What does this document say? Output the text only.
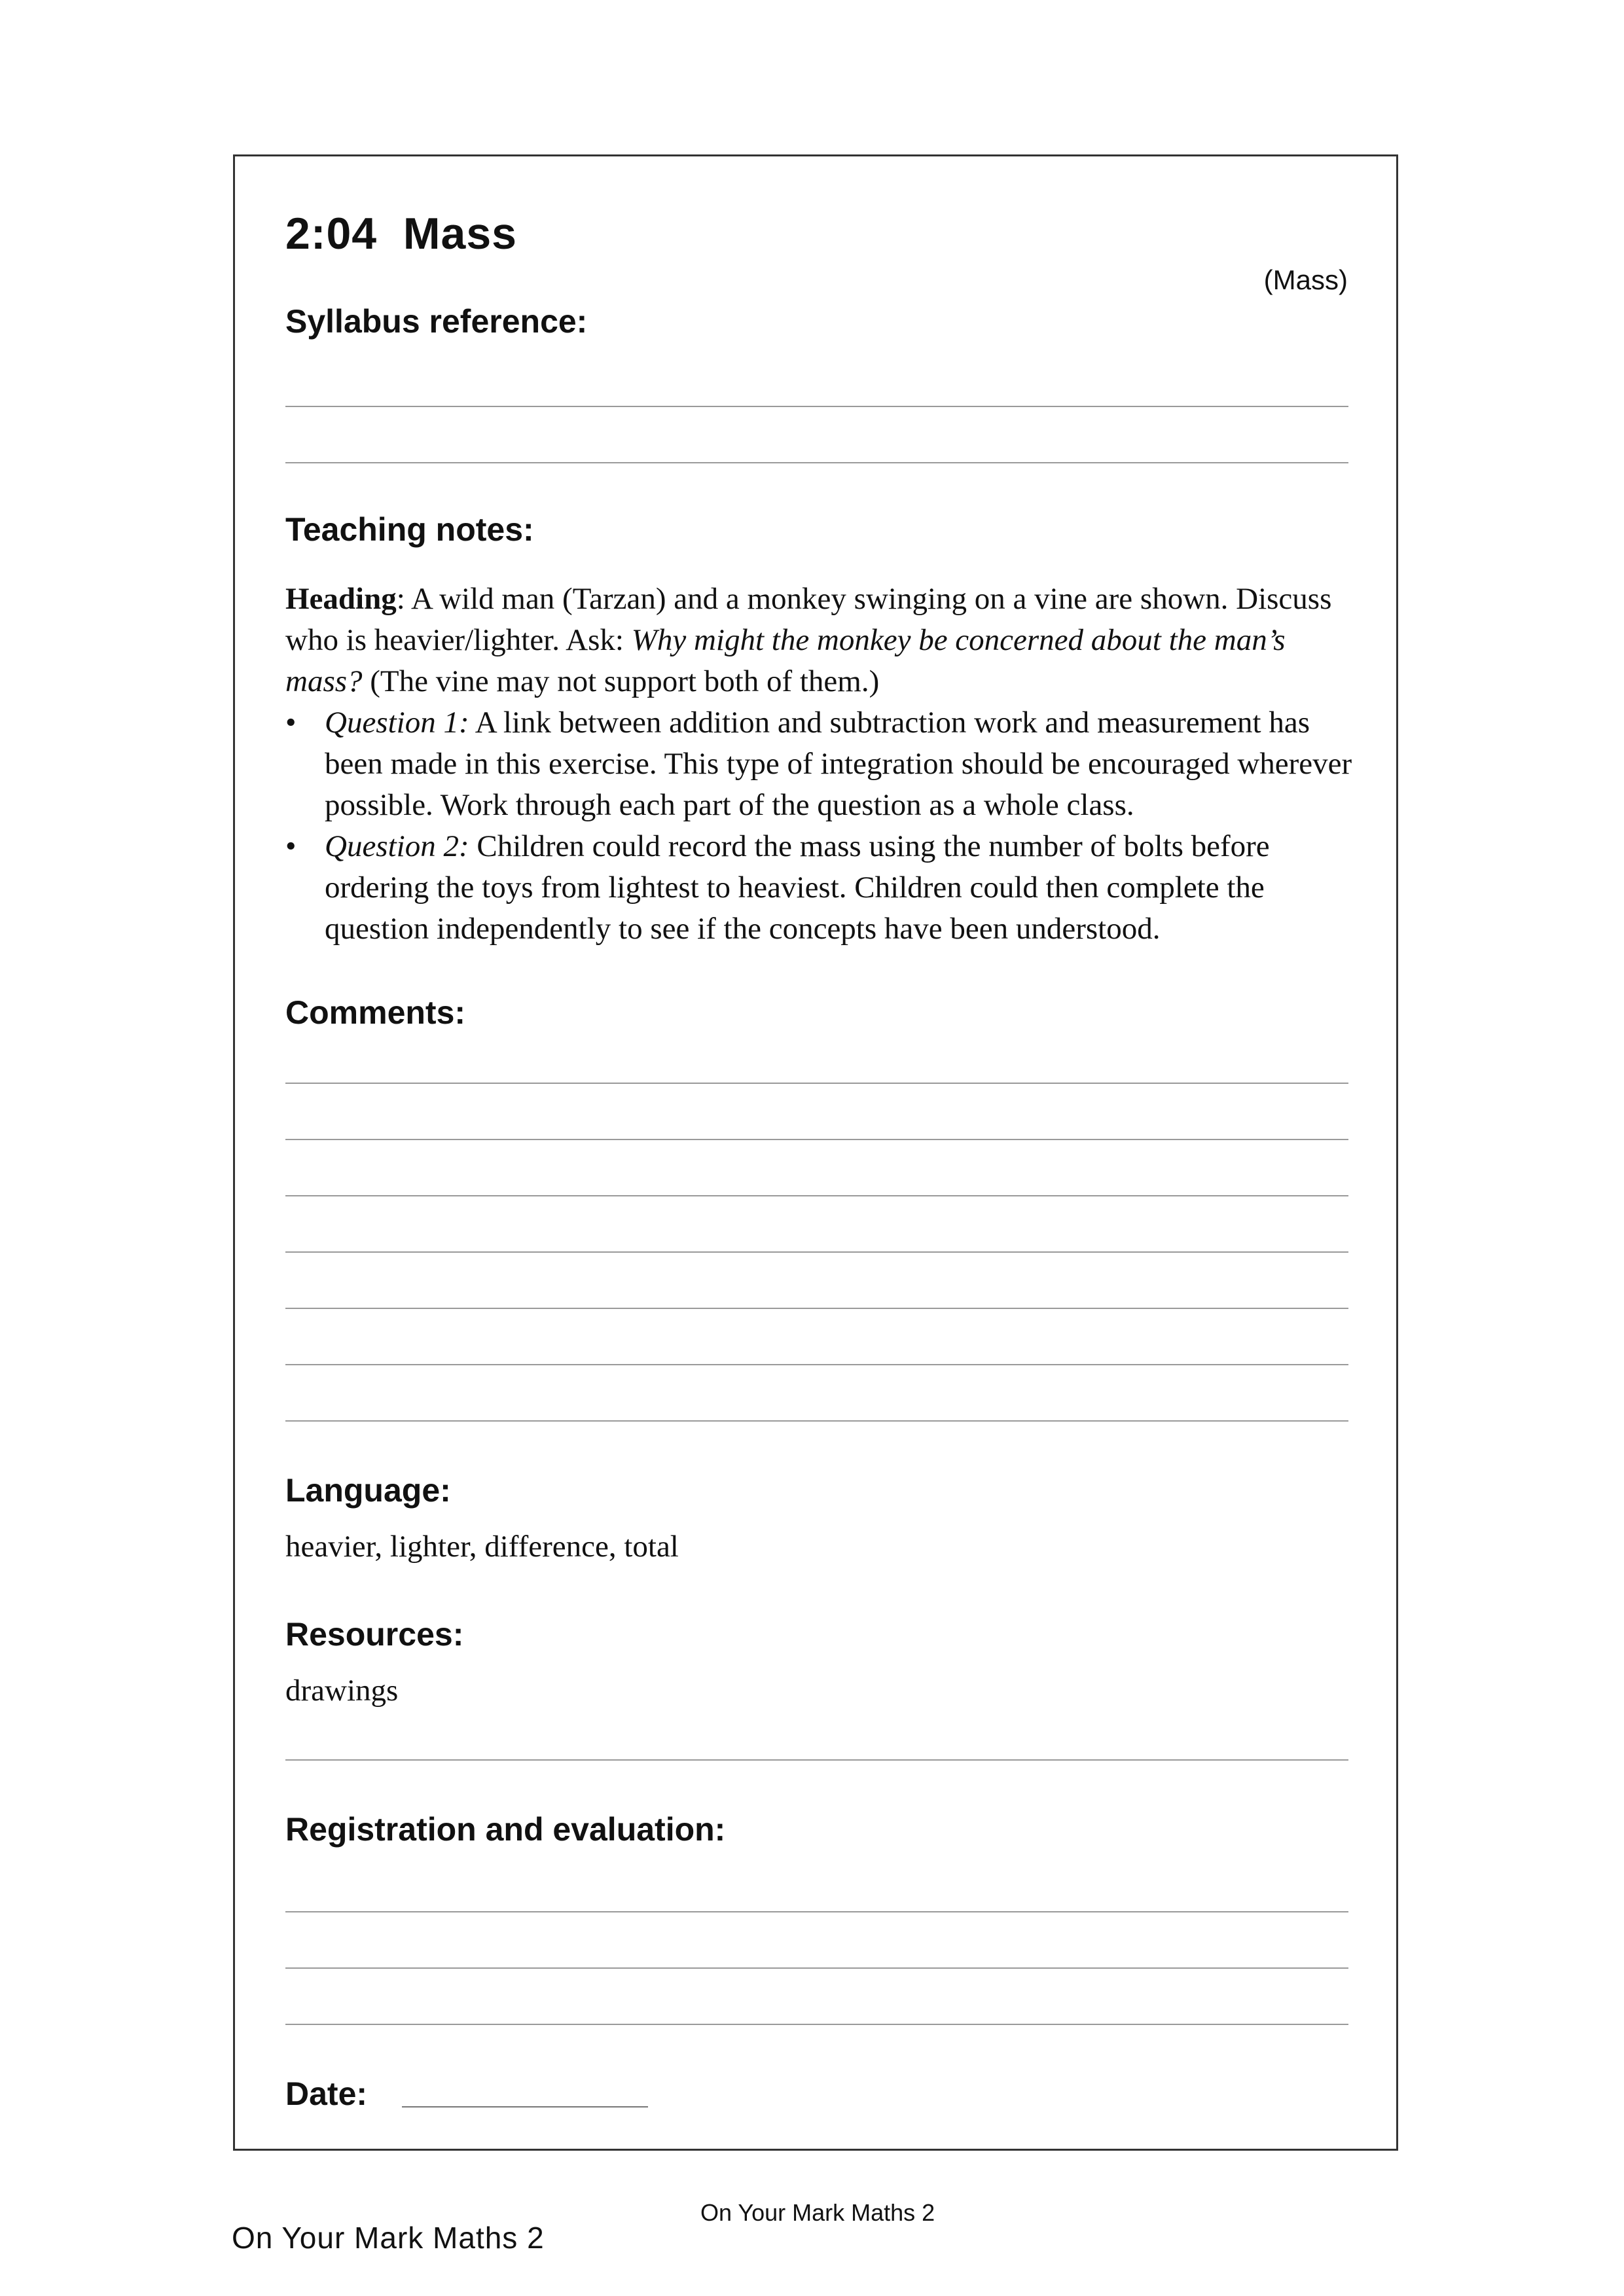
2:04  Mass
(Mass)
Syllabus reference:
Teaching notes:

Heading: A wild man (Tarzan) and a monkey swinging on a vine are shown. Discuss who is heavier/lighter. Ask: Why might the monkey be concerned about the man’s mass? (The vine may not support both of them.)

• Question 1: A link between addition and subtraction work and measurement has been made in this exercise. This type of integration should be encouraged wherever possible. Work through each part of the question as a whole class.
• Question 2: Children could record the mass using the number of bolts before ordering the toys from lightest to heaviest. Children could then complete the question independently to see if the concepts have been understood.
Comments:
Language:
heavier, lighter, difference, total
Resources:
drawings
Registration and evaluation:
Date:
On Your Mark Maths 2
On Your Mark Maths 2
